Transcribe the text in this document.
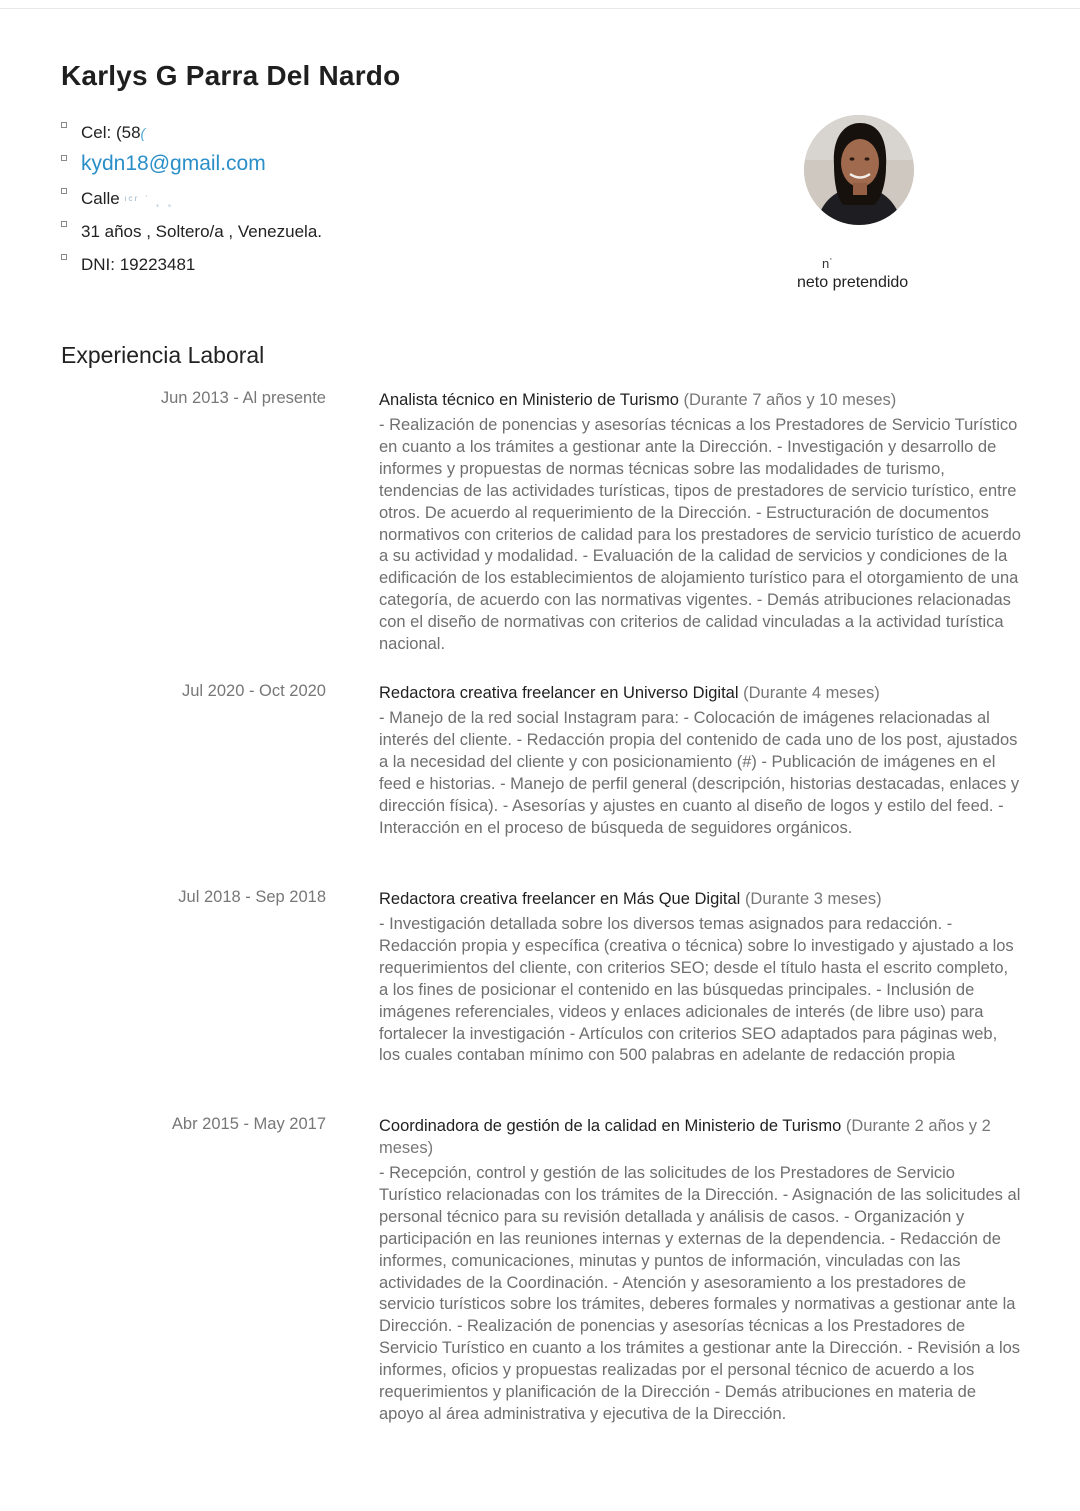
Karlys G Parra Del Nardo
Cel: (58(
kydn18@gmail.com
Calle ᶦᶜʳ ˙ ˛ ˳
31 años , Soltero/a , Venezuela.
DNI: 19223481	n˙
neto pretendido
Experiencia Laboral
Jun 2013 - Al presente	Analista técnico en Ministerio de Turismo (Durante 7 años y 10 meses)
- Realización de ponencias y asesorías técnicas a los Prestadores de Servicio Turístico en cuanto a los trámites a gestionar ante la Dirección. - Investigación y desarrollo de informes y propuestas de normas técnicas sobre las modalidades de turismo, tendencias de las actividades turísticas, tipos de prestadores de servicio turístico, entre otros. De acuerdo al requerimiento de la Dirección. - Estructuración de documentos normativos con criterios de calidad para los prestadores de servicio turístico de acuerdo a su actividad y modalidad. - Evaluación de la calidad de servicios y condiciones de la edificación de los establecimientos de alojamiento turístico para el otorgamiento de una categoría, de acuerdo con las normativas vigentes. - Demás atribuciones relacionadas con el diseño de normativas con criterios de calidad vinculadas a la actividad turística nacional.
Jul 2020 - Oct 2020	Redactora creativa freelancer en Universo Digital (Durante 4 meses)
- Manejo de la red social Instagram para: - Colocación de imágenes relacionadas al interés del cliente. - Redacción propia del contenido de cada uno de los post, ajustados a la necesidad del cliente y con posicionamiento (#) - Publicación de imágenes en el feed e historias. - Manejo de perfil general (descripción, historias destacadas, enlaces y dirección física). - Asesorías y ajustes en cuanto al diseño de logos y estilo del feed. - Interacción en el proceso de búsqueda de seguidores orgánicos.
Jul 2018 - Sep 2018	Redactora creativa freelancer en Más Que Digital (Durante 3 meses)
- Investigación detallada sobre los diversos temas asignados para redacción. - Redacción propia y específica (creativa o técnica) sobre lo investigado y ajustado a los requerimientos del cliente, con criterios SEO; desde el título hasta el escrito completo, a los fines de posicionar el contenido en las búsquedas principales. - Inclusión de imágenes referenciales, videos y enlaces adicionales de interés (de libre uso) para fortalecer la investigación - Artículos con criterios SEO adaptados para páginas web, los cuales contaban mínimo con 500 palabras en adelante de redacción propia
Abr 2015 - May 2017	Coordinadora de gestión de la calidad en Ministerio de Turismo (Durante 2 años y 2 meses)
- Recepción, control y gestión de las solicitudes de los Prestadores de Servicio Turístico relacionadas con los trámites de la Dirección. - Asignación de las solicitudes al personal técnico para su revisión detallada y análisis de casos. - Organización y participación en las reuniones internas y externas de la dependencia. - Redacción de informes, comunicaciones, minutas y puntos de información, vinculadas con las actividades de la Coordinación. - Atención y asesoramiento a los prestadores de servicio turísticos sobre los trámites, deberes formales y normativas a gestionar ante la Dirección. - Realización de ponencias y asesorías técnicas a los Prestadores de Servicio Turístico en cuanto a los trámites a gestionar ante la Dirección. - Revisión a los informes, oficios y propuestas realizadas por el personal técnico de acuerdo a los requerimientos y planificación de la Dirección - Demás atribuciones en materia de apoyo al área administrativa y ejecutiva de la Dirección.
